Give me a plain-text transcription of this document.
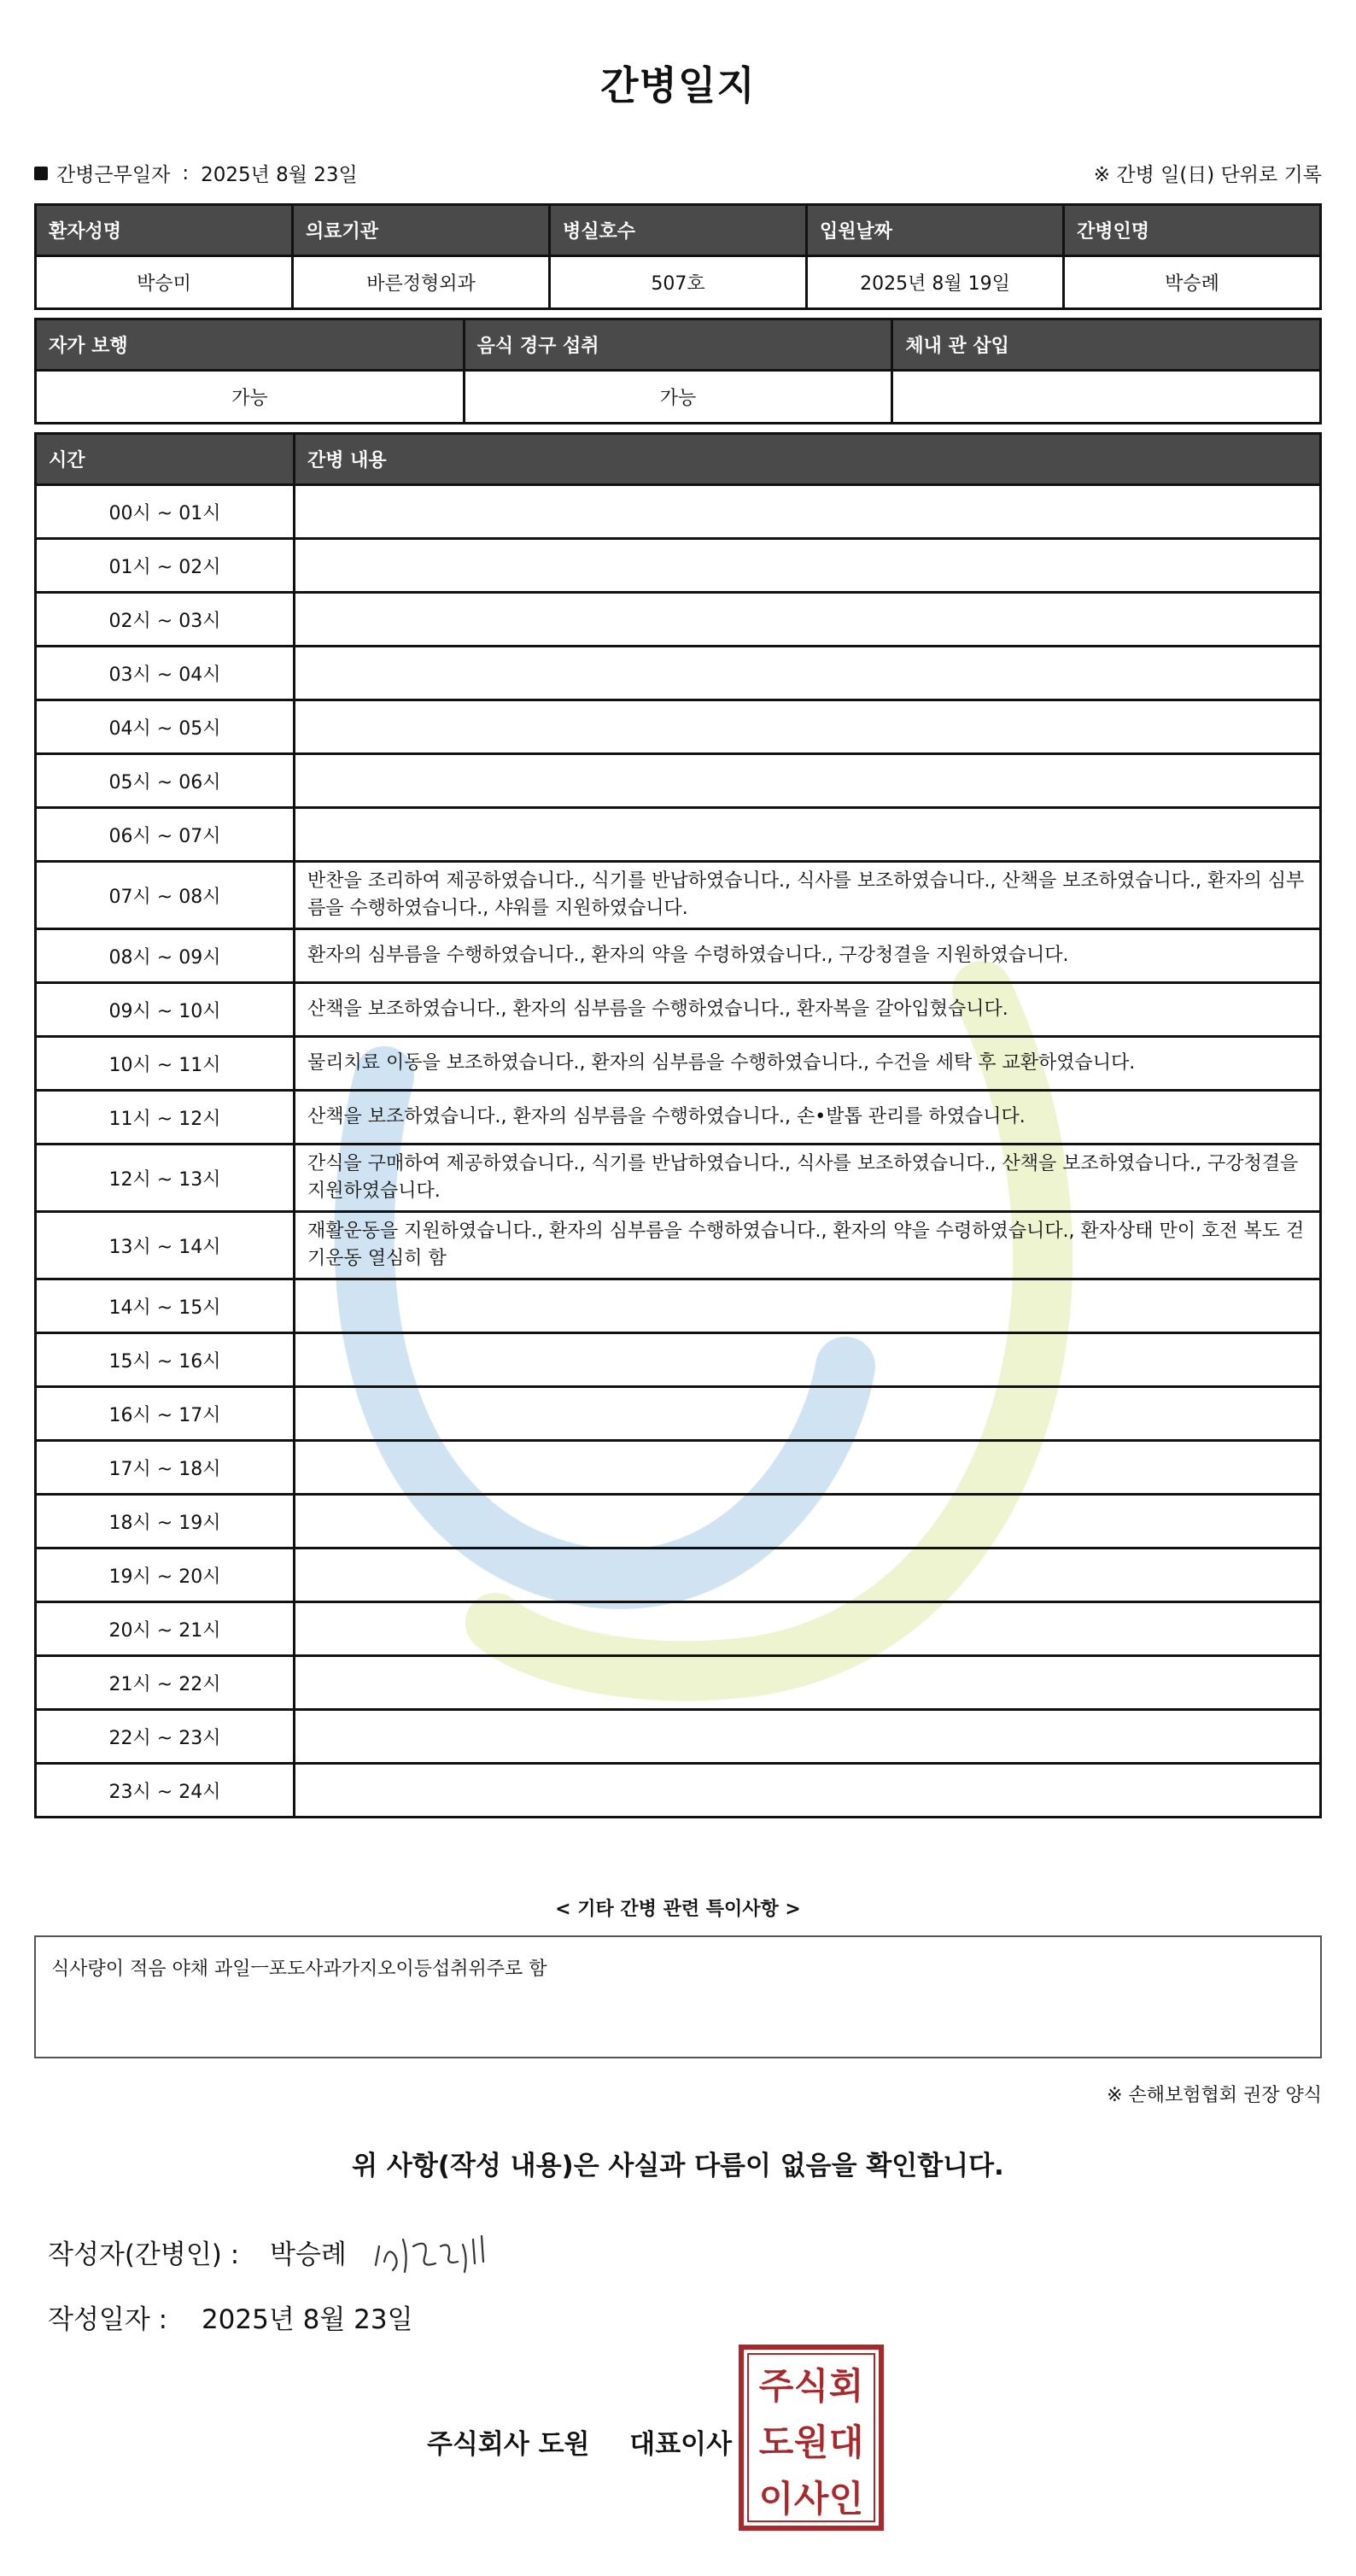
간병일지
간병근무일자 : 2025년 8월 23일	※ 간병 일(日) 단위로 기록
환자성명	의료기관	병실호수	입원날짜	간병인명
박승미	바른정형외과	507호	2025년 8월 19일	박승례
자가 보행	음식 경구 섭취	체내 관 삽입
가능	가능	
시간	간병 내용
00시 ~ 01시	
01시 ~ 02시	
02시 ~ 03시	
03시 ~ 04시	
04시 ~ 05시	
05시 ~ 06시	
06시 ~ 07시	
07시 ~ 08시	반찬을 조리하여 제공하였습니다., 식기를 반납하였습니다., 식사를 보조하였습니다., 산책을 보조하였습니다., 환자의 심부름을 수행하였습니다., 샤워를 지원하였습니다.
08시 ~ 09시	환자의 심부름을 수행하였습니다., 환자의 약을 수령하였습니다., 구강청결을 지원하였습니다.
09시 ~ 10시	산책을 보조하였습니다., 환자의 심부름을 수행하였습니다., 환자복을 갈아입혔습니다.
10시 ~ 11시	물리치료 이동을 보조하였습니다., 환자의 심부름을 수행하였습니다., 수건을 세탁 후 교환하였습니다.
11시 ~ 12시	산책을 보조하였습니다., 환자의 심부름을 수행하였습니다., 손•발톱 관리를 하였습니다.
12시 ~ 13시	간식을 구매하여 제공하였습니다., 식기를 반납하였습니다., 식사를 보조하였습니다., 산책을 보조하였습니다., 구강청결을 지원하였습니다.
13시 ~ 14시	재활운동을 지원하였습니다., 환자의 심부름을 수행하였습니다., 환자의 약을 수령하였습니다., 환자상태 만이 호전 복도 걷기운동 열심히 함
14시 ~ 15시	
15시 ~ 16시	
16시 ~ 17시	
17시 ~ 18시	
18시 ~ 19시	
19시 ~ 20시	
20시 ~ 21시	
21시 ~ 22시	
22시 ~ 23시	
23시 ~ 24시	
< 기타 간병 관련 특이사항 >
식사량이 적음 야채 과일ㅡ포도사과가지오이등섭취위주로 함
※ 손해보험협회 권장 양식
위 사항(작성 내용)은 사실과 다름이 없음을 확인합니다.
작성자(간병인) : 박승례
작성일자 : 2025년 8월 23일
주식회사 도원 대표이사
주 식 회
도 원 대
이 사 인
